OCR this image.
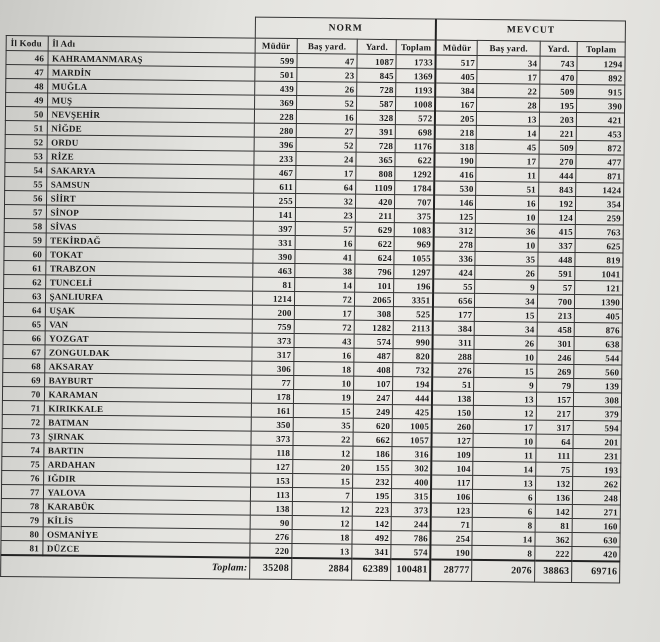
		NORM				MEVCUT			
İl Kodu	İl Adı	Müdür	Baş yard.	Yard.	Toplam	Müdür	Baş yard.	Yard.	Toplam
46	KAHRAMANMARAŞ	599	47	1087	1733	517	34	743	1294
47	MARDİN	501	23	845	1369	405	17	470	892
48	MUĞLA	439	26	728	1193	384	22	509	915
49	MUŞ	369	52	587	1008	167	28	195	390
50	NEVŞEHİR	228	16	328	572	205	13	203	421
51	NİĞDE	280	27	391	698	218	14	221	453
52	ORDU	396	52	728	1176	318	45	509	872
53	RİZE	233	24	365	622	190	17	270	477
54	SAKARYA	467	17	808	1292	416	11	444	871
55	SAMSUN	611	64	1109	1784	530	51	843	1424
56	SİİRT	255	32	420	707	146	16	192	354
57	SİNOP	141	23	211	375	125	10	124	259
58	SİVAS	397	57	629	1083	312	36	415	763
59	TEKİRDAĞ	331	16	622	969	278	10	337	625
60	TOKAT	390	41	624	1055	336	35	448	819
61	TRABZON	463	38	796	1297	424	26	591	1041
62	TUNCELİ	81	14	101	196	55	9	57	121
63	ŞANLIURFA	1214	72	2065	3351	656	34	700	1390
64	UŞAK	200	17	308	525	177	15	213	405
65	VAN	759	72	1282	2113	384	34	458	876
66	YOZGAT	373	43	574	990	311	26	301	638
67	ZONGULDAK	317	16	487	820	288	10	246	544
68	AKSARAY	306	18	408	732	276	15	269	560
69	BAYBURT	77	10	107	194	51	9	79	139
70	KARAMAN	178	19	247	444	138	13	157	308
71	KIRIKKALE	161	15	249	425	150	12	217	379
72	BATMAN	350	35	620	1005	260	17	317	594
73	ŞIRNAK	373	22	662	1057	127	10	64	201
74	BARTIN	118	12	186	316	109	11	111	231
75	ARDAHAN	127	20	155	302	104	14	75	193
76	IĞDIR	153	15	232	400	117	13	132	262
77	YALOVA	113	7	195	315	106	6	136	248
78	KARABÜK	138	12	223	373	123	6	142	271
79	KİLİS	90	12	142	244	71	8	81	160
80	OSMANİYE	276	18	492	786	254	14	362	630
81	DÜZCE	220	13	341	574	190	8	222	420
Toplam:		35208	2884	62389	100481	28777	2076	38863	69716
